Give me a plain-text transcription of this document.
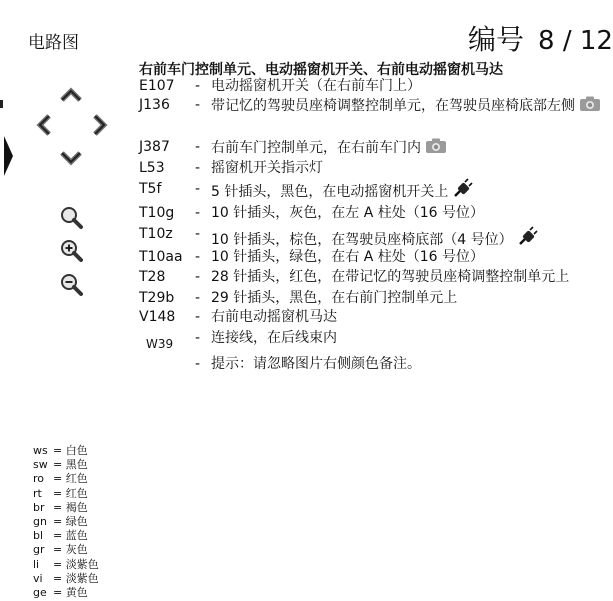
电路图	编号 8 / 12
右前车门控制单元、电动摇窗机开关、右前电动摇窗机马达
E107 - 电动摇窗机开关（在右前车门上）
J136 - 带记忆的驾驶员座椅调整控制单元，在驾驶员座椅底部左侧
J387 - 右前车门控制单元，在右前车门内
L53 - 摇窗机开关指示灯
T5f - 5 针插头，黑色，在电动摇窗机开关上
T10g - 10 针插头，灰色，在左 A 柱处（16 号位）
T10z - 10 针插头，棕色，在驾驶员座椅底部（4 号位）
T10aa - 10 针插头，绿色，在右 A 柱处（16 号位）
T28 - 28 针插头，红色，在带记忆的驾驶员座椅调整控制单元上
T29b - 29 针插头，黑色，在右前门控制单元上
V148 - 右前电动摇窗机马达
W39 - 连接线，在后线束内
- 提示：请忽略图片右侧颜色备注。
ws = 白色
sw = 黑色
ro = 红色
rt = 红色
br = 褐色
gn = 绿色
bl = 蓝色
gr = 灰色
li = 淡紫色
vi = 淡紫色
ge = 黄色
